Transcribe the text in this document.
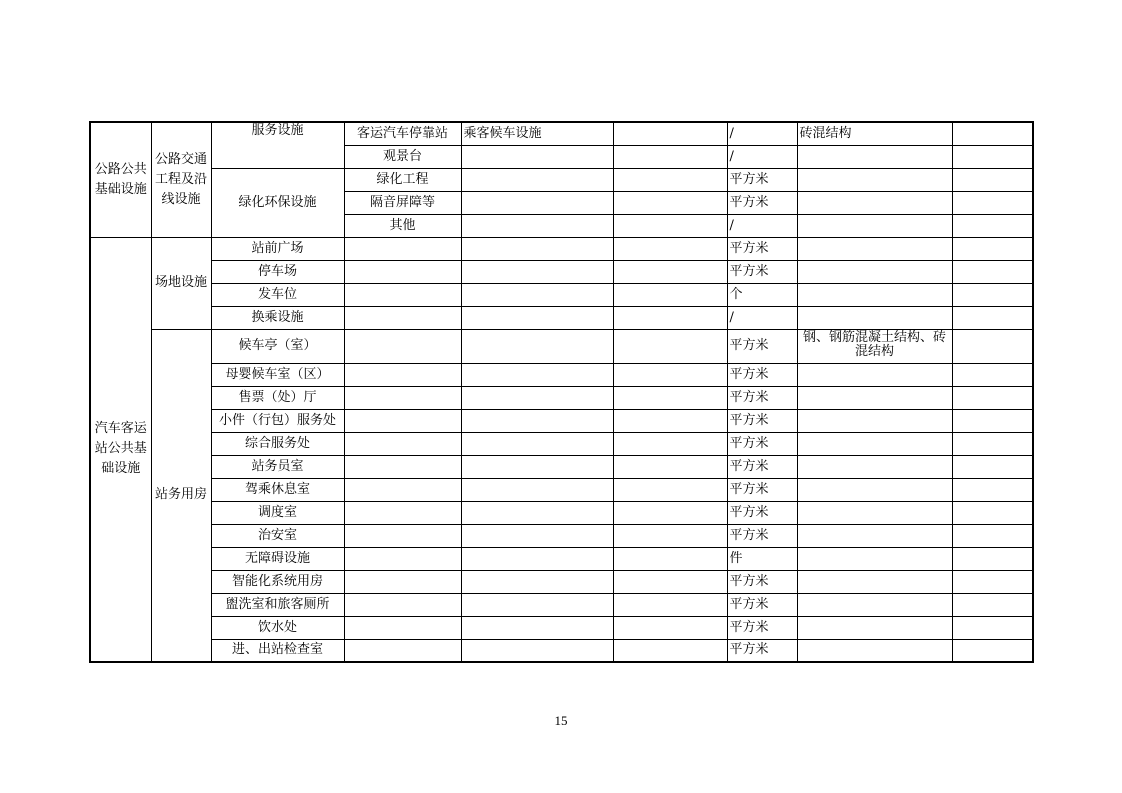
公路公共基础设施	公路交通工程及沿线设施	服务设施	客运汽车停靠站	乘客候车设施		/	砖混结构	
			观景台			/		
		绿化环保设施	绿化工程			平方米		
			隔音屏障等			平方米		
			其他			/		
汽车客运站公共基础设施	场地设施	站前广场				平方米		
		停车场				平方米		
		发车位				个		
		换乘设施				/		
	站务用房	候车亭（室）				平方米	钢、钢筋混凝土结构、砖混结构	
		母婴候车室（区）				平方米		
		售票（处）厅				平方米		
		小件（行包）服务处				平方米		
		综合服务处				平方米		
		站务员室				平方米		
		驾乘休息室				平方米		
		调度室				平方米		
		治安室				平方米		
		无障碍设施				件		
		智能化系统用房				平方米		
		盥洗室和旅客厕所				平方米		
		饮水处				平方米		
		进、出站检查室				平方米		
15
